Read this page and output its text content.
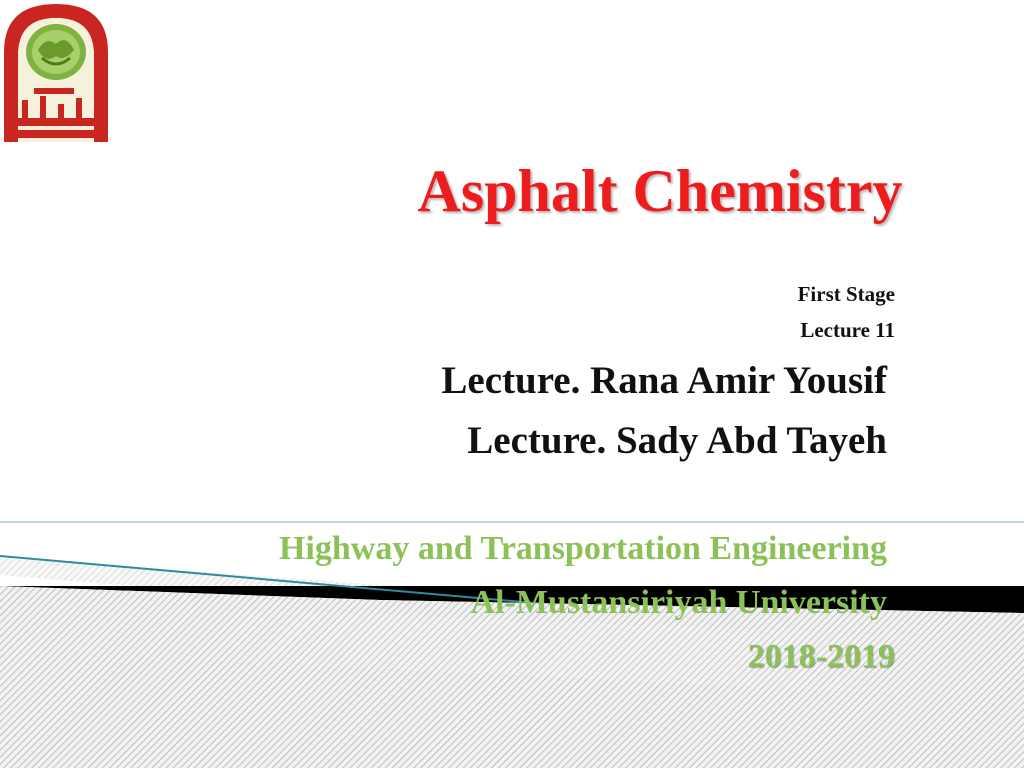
Asphalt Chemistry
First Stage
Lecture 11
Lecture. Rana Amir Yousif
Lecture. Sady Abd Tayeh
Highway and Transportation Engineering
Al-Mustansiriyah University
2018-2019
